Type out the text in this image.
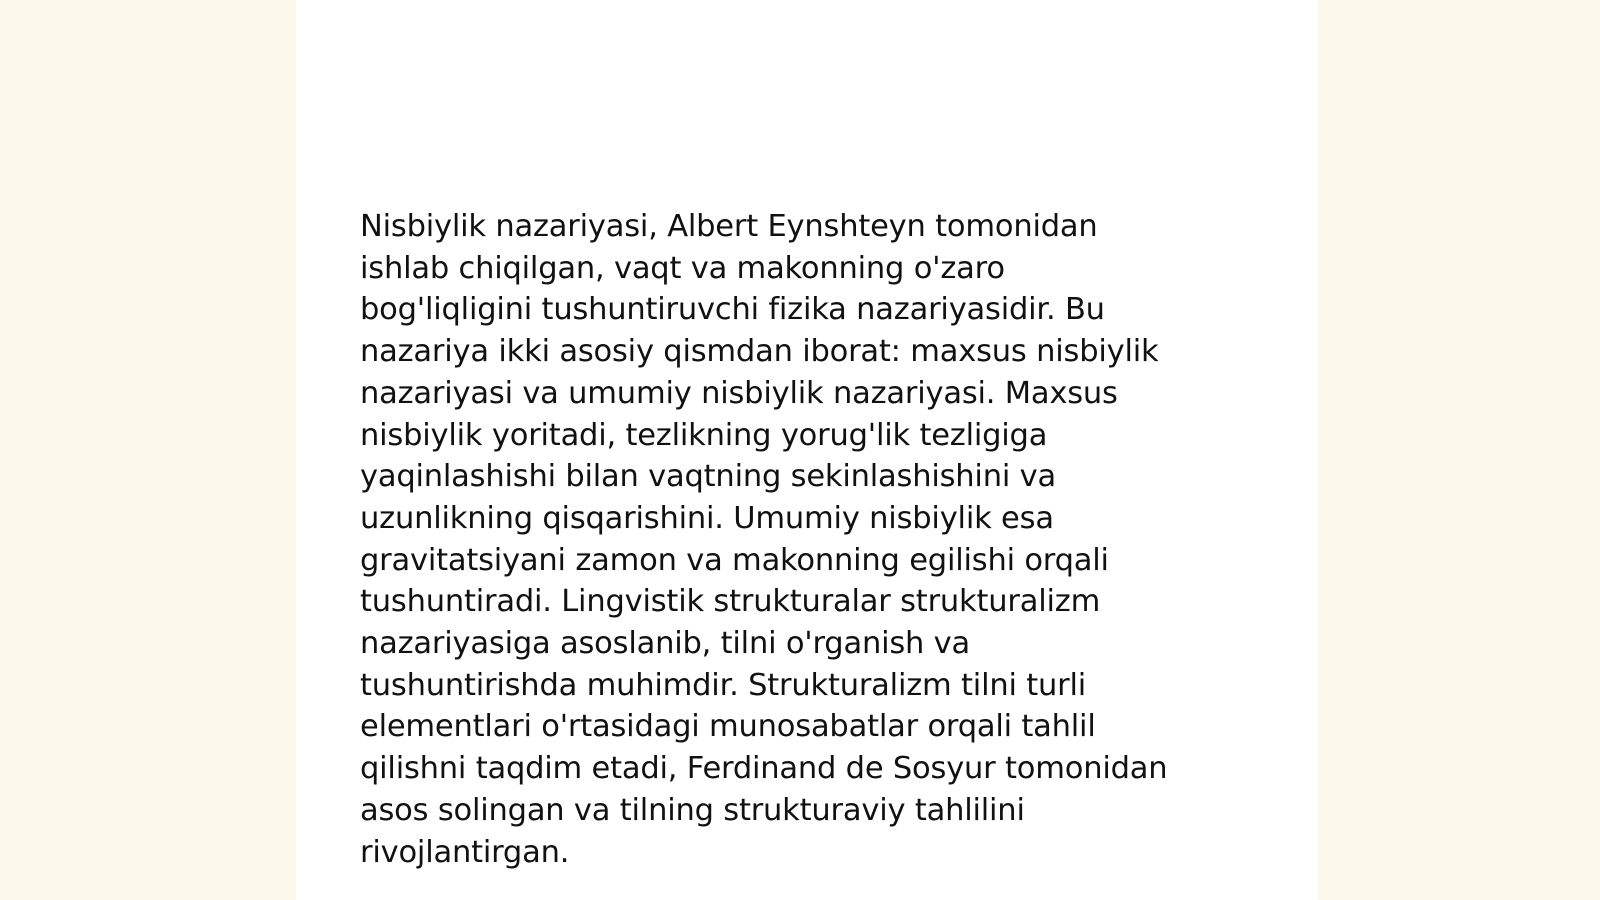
Nisbiylik nazariyasi, Albert Eynshteyn tomonidan
ishlab chiqilgan, vaqt va makonning o'zaro
bog'liqligini tushuntiruvchi fizika nazariyasidir. Bu
nazariya ikki asosiy qismdan iborat: maxsus nisbiylik
nazariyasi va umumiy nisbiylik nazariyasi. Maxsus
nisbiylik yoritadi, tezlikning yorug'lik tezligiga
yaqinlashishi bilan vaqtning sekinlashishini va
uzunlikning qisqarishini. Umumiy nisbiylik esa
gravitatsiyani zamon va makonning egilishi orqali
tushuntiradi. Lingvistik strukturalar strukturalizm
nazariyasiga asoslanib, tilni o'rganish va
tushuntirishda muhimdir. Strukturalizm tilni turli
elementlari o'rtasidagi munosabatlar orqali tahlil
qilishni taqdim etadi, Ferdinand de Sosyur tomonidan
asos solingan va tilning strukturaviy tahlilini
rivojlantirgan.
